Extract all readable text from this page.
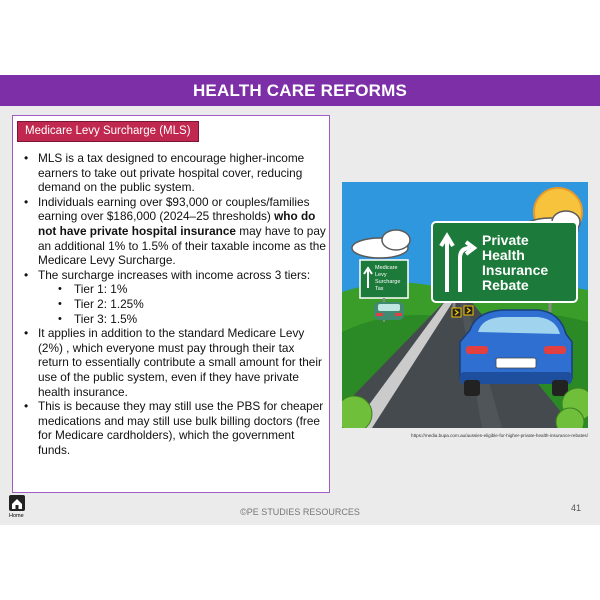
HEALTH CARE REFORMS
Medicare Levy Surcharge (MLS)
• MLS is a tax designed to encourage higher-income earners to take out private hospital cover, reducing demand on the public system.
• Individuals earning over $93,000 or couples/families earning over $186,000 (2024–25 thresholds) who do not have private hospital insurance may have to pay an additional 1% to 1.5% of their taxable income as the Medicare Levy Surcharge.
• The surcharge increases with income across 3 tiers:
• Tier 1: 1%
• Tier 2: 1.25%
• Tier 3: 1.5%
• It applies in addition to the standard Medicare Levy (2%) , which everyone must pay through their tax return to essentially contribute a small amount for their use of the public system, even if they have private health insurance.
• This is because they may still use the PBS for cheaper medications and may still use bulk billing doctors (free for Medicare cardholders), which the government funds.
Medicare
Levy
Surcharge
Tax
Private
Health
Insurance
Rebate
https://media.bupa.com.au/aussies-eligible-for-higher-private-health-insurance-rebates/
Home	©PE STUDIES RESOURCES	41
